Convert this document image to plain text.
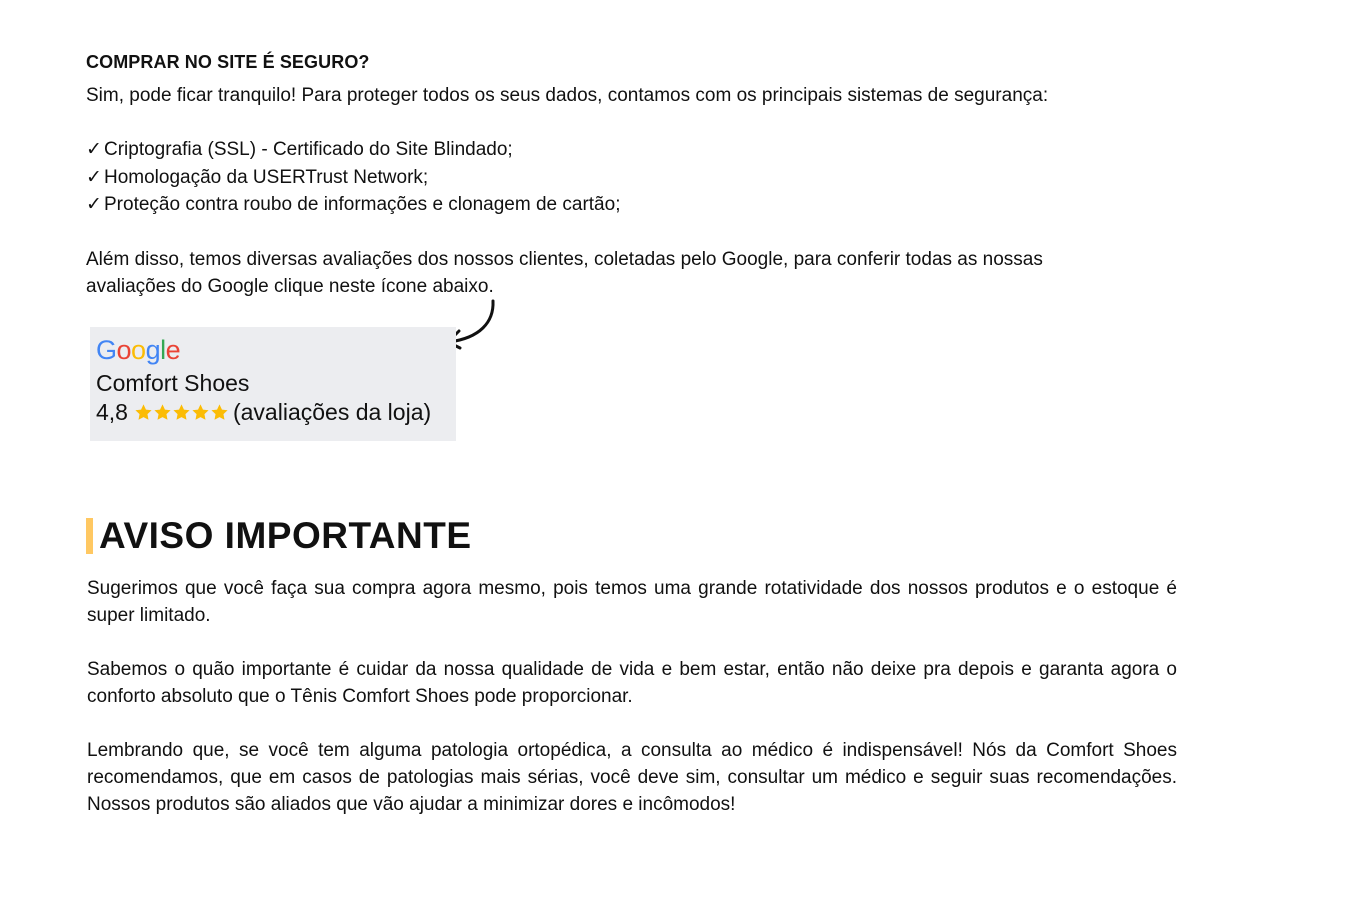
COMPRAR NO SITE É SEGURO?

Sim, pode ficar tranquilo! Para proteger todos os seus dados, contamos com os principais sistemas de segurança:

✓ Criptografia (SSL) - Certificado do Site Blindado;
✓ Homologação da USERTrust Network;
✓ Proteção contra roubo de informações e clonagem de cartão;

Além disso, temos diversas avaliações dos nossos clientes, coletadas pelo Google, para conferir todas as nossas

avaliações do Google clique neste ícone abaixo.

Google
Comfort Shoes
4,8	(avaliações da loja)
AVISO IMPORTANTE

Sugerimos que você faça sua compra agora mesmo, pois temos uma grande rotatividade dos nossos produtos e o estoque é super limitado.

Sabemos o quão importante é cuidar da nossa qualidade de vida e bem estar, então não deixe pra depois e garanta agora o conforto absoluto que o Tênis Comfort Shoes pode proporcionar.

Lembrando que, se você tem alguma patologia ortopédica, a consulta ao médico é indispensável! Nós da Comfort Shoes recomendamos, que em casos de patologias mais sérias, você deve sim, consultar um médico e seguir suas recomendações. Nossos produtos são aliados que vão ajudar a minimizar dores e incômodos!
